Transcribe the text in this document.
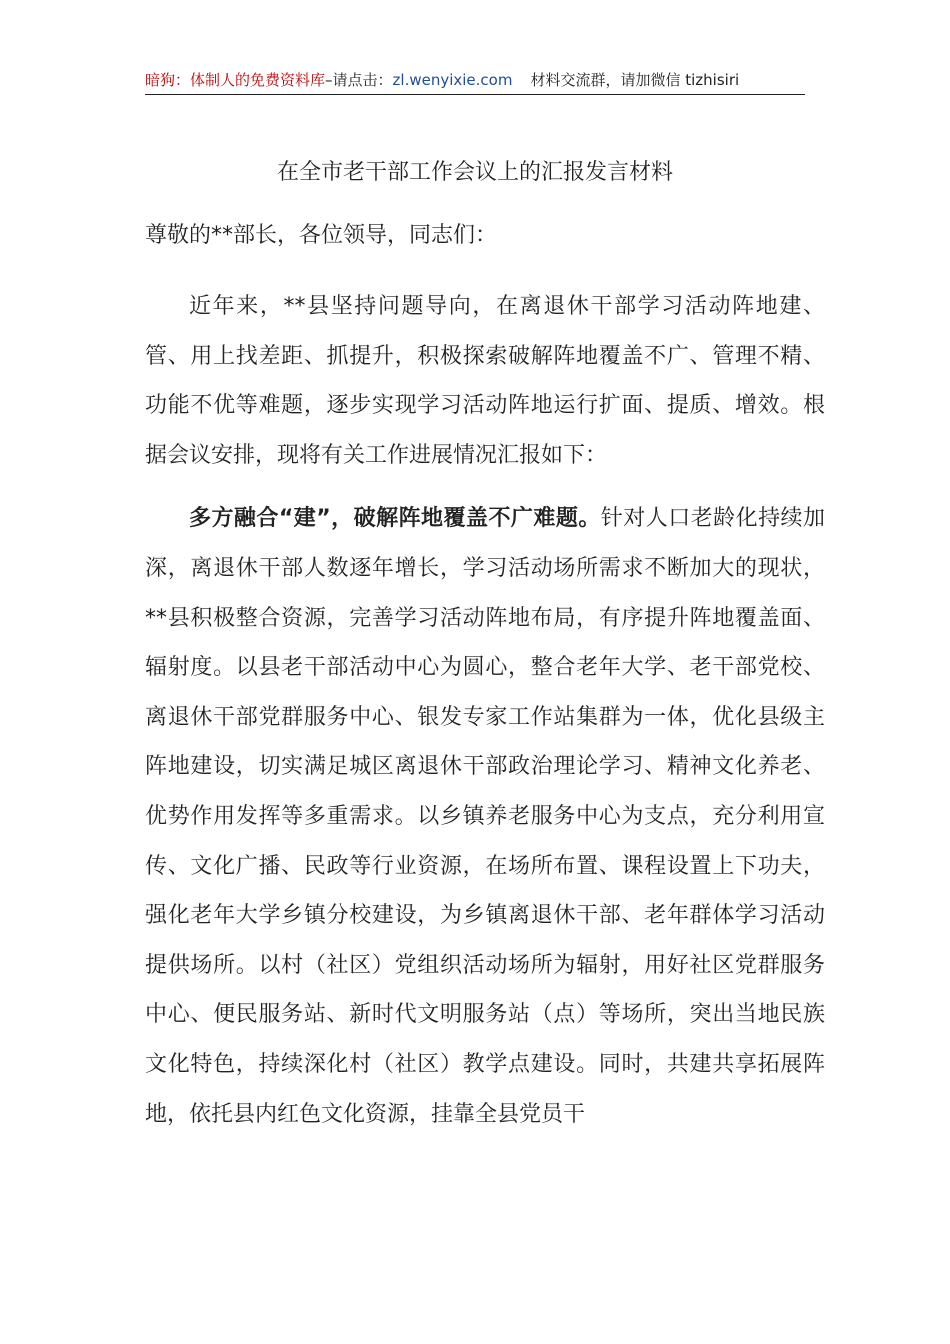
暗狗：体制人的免费资料库–请点击：zl.wenyixie.com 材料交流群，请加微信 tizhisiri
在全市老干部工作会议上的汇报发言材料
尊敬的**部长，各位领导，同志们：

近年来，**县坚持问题导向，在离退休干部学习活动阵地建、管、用上找差距、抓提升，积极探索破解阵地覆盖不广、管理不精、功能不优等难题，逐步实现学习活动阵地运行扩面、提质、增效。根据会议安排，现将有关工作进展情况汇报如下：

多方融合“建”，破解阵地覆盖不广难题。针对人口老龄化持续加深，离退休干部人数逐年增长，学习活动场所需求不断加大的现状，**县积极整合资源，完善学习活动阵地布局，有序提升阵地覆盖面、辐射度。以县老干部活动中心为圆心，整合老年大学、老干部党校、离退休干部党群服务中心、银发专家工作站集群为一体，优化县级主阵地建设，切实满足城区离退休干部政治理论学习、精神文化养老、优势作用发挥等多重需求。以乡镇养老服务中心为支点，充分利用宣传、文化广播、民政等行业资源，在场所布置、课程设置上下功夫，强化老年大学乡镇分校建设，为乡镇离退休干部、老年群体学习活动提供场所。以村（社区）党组织活动场所为辐射，用好社区党群服务中心、便民服务站、新时代文明服务站（点）等场所，突出当地民族文化特色，持续深化村（社区）教学点建设。同时，共建共享拓展阵地，依托县内红色文化资源，挂靠全县党员干
